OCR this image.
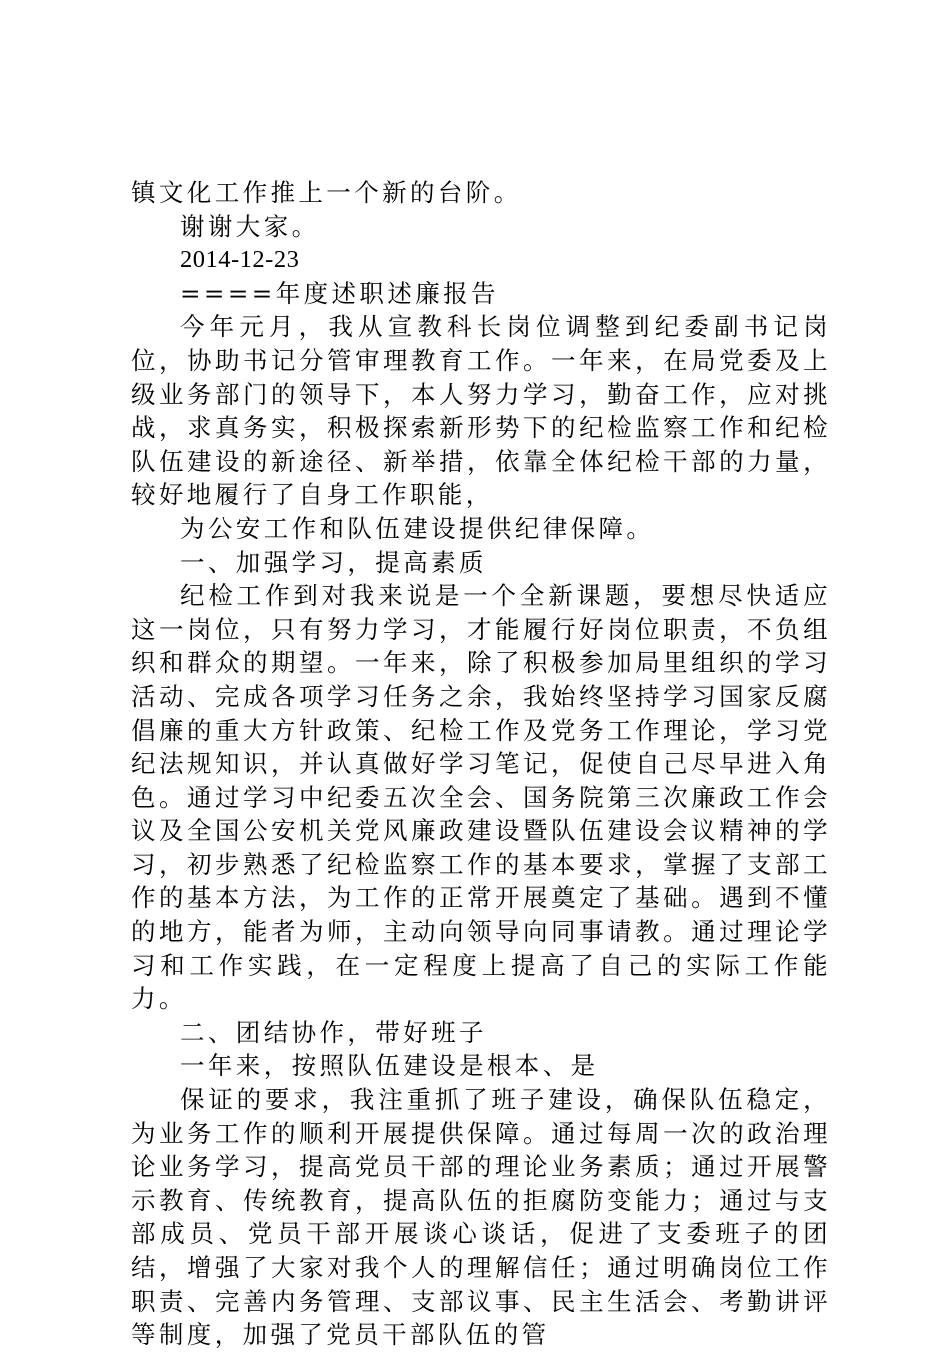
镇文化工作推上一个新的台阶。

谢谢大家。

2014-12-23

====年度述职述廉报告

今年元月，我从宣教科长岗位调整到纪委副书记岗位，协助书记分管审理教育工作。一年来，在局党委及上级业务部门的领导下，本人努力学习，勤奋工作，应对挑战，求真务实，积极探索新形势下的纪检监察工作和纪检队伍建设的新途径、新举措，依靠全体纪检干部的力量，较好地履行了自身工作职能，

为公安工作和队伍建设提供纪律保障。

一、加强学习，提高素质

纪检工作到对我来说是一个全新课题，要想尽快适应这一岗位，只有努力学习，才能履行好岗位职责，不负组织和群众的期望。一年来，除了积极参加局里组织的学习活动、完成各项学习任务之余，我始终坚持学习国家反腐倡廉的重大方针政策、纪检工作及党务工作理论，学习党纪法规知识，并认真做好学习笔记，促使自己尽早进入角色。通过学习中纪委五次全会、国务院第三次廉政工作会议及全国公安机关党风廉政建设暨队伍建设会议精神的学习，初步熟悉了纪检监察工作的基本要求，掌握了支部工作的基本方法，为工作的正常开展奠定了基础。遇到不懂的地方，能者为师，主动向领导向同事请教。通过理论学习和工作实践，在一定程度上提高了自己的实际工作能力。

二、团结协作，带好班子

一年来，按照队伍建设是根本、是

保证的要求，我注重抓了班子建设，确保队伍稳定，为业务工作的顺利开展提供保障。通过每周一次的政治理论业务学习，提高党员干部的理论业务素质；通过开展警示教育、传统教育，提高队伍的拒腐防变能力；通过与支部成员、党员干部开展谈心谈话，促进了支委班子的团结，增强了大家对我个人的理解信任；通过明确岗位工作职责、完善内务管理、支部议事、民主生活会、考勤讲评等制度，加强了党员干部队伍的管
